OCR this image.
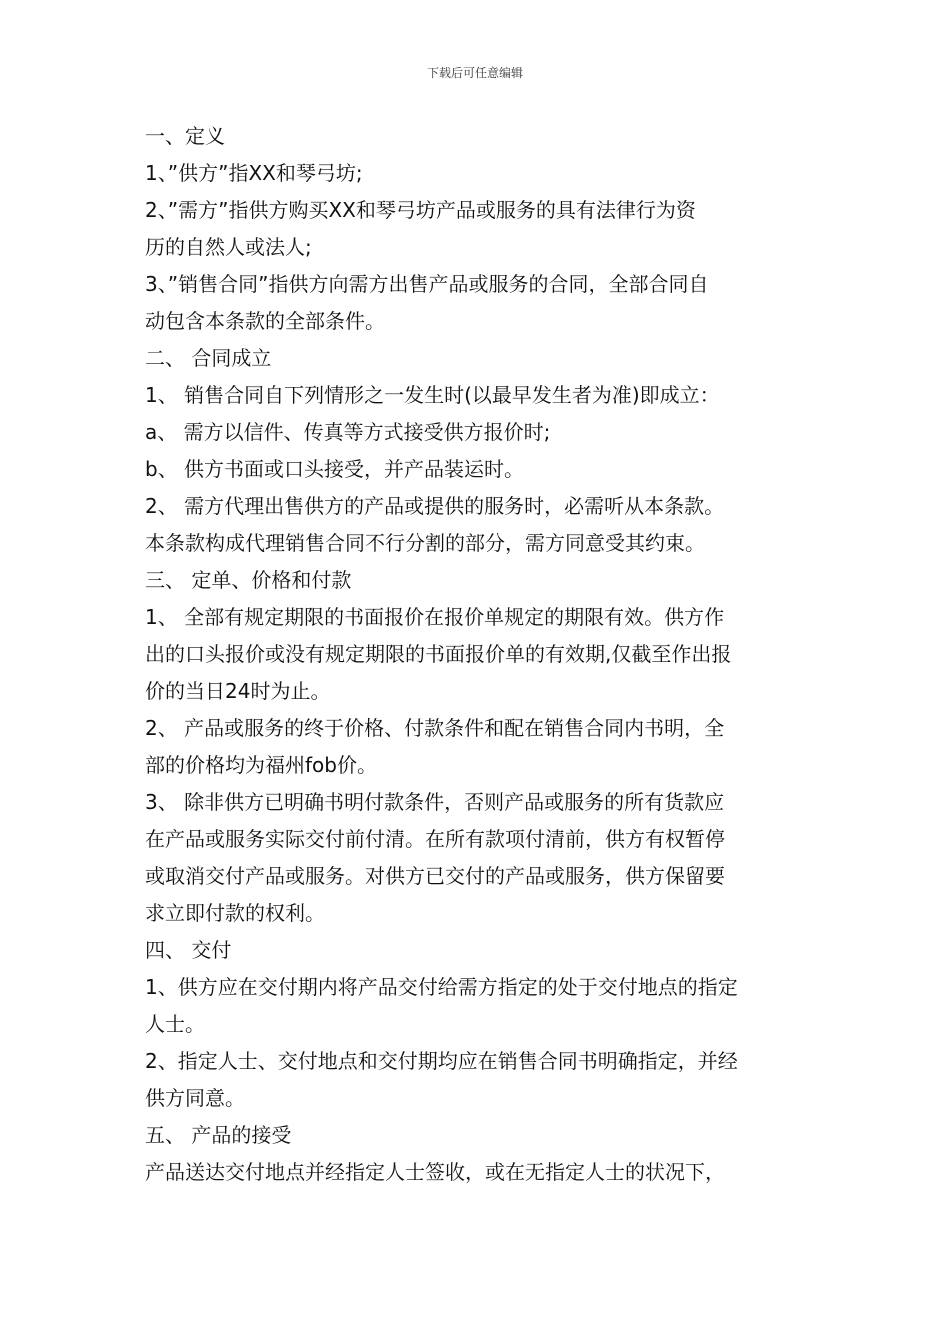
下载后可任意编辑
一、定义
1、”供方”指XX和琴弓坊;
2、”需方”指供方购买XX和琴弓坊产品或服务的具有法律行为资
历的自然人或法人;
3、”销售合同”指供方向需方出售产品或服务的合同，全部合同自
动包含本条款的全部条件。
二、 合同成立
1、 销售合同自下列情形之一发生时(以最早发生者为准)即成立：
a、 需方以信件、传真等方式接受供方报价时;
b、 供方书面或口头接受，并产品装运时。
2、 需方代理出售供方的产品或提供的服务时，必需听从本条款。
本条款构成代理销售合同不行分割的部分，需方同意受其约束。
三、 定单、价格和付款
1、 全部有规定期限的书面报价在报价单规定的期限有效。供方作
出的口头报价或没有规定期限的书面报价单的有效期,仅截至作出报
价的当日24时为止。
2、 产品或服务的终于价格、付款条件和配在销售合同内书明，全
部的价格均为福州fob价。
3、 除非供方已明确书明付款条件，否则产品或服务的所有货款应
在产品或服务实际交付前付清。在所有款项付清前，供方有权暂停
或取消交付产品或服务。对供方已交付的产品或服务，供方保留要
求立即付款的权利。
四、 交付
1、供方应在交付期内将产品交付给需方指定的处于交付地点的指定
人士。
2、指定人士、交付地点和交付期均应在销售合同书明确指定，并经
供方同意。
五、 产品的接受
产品送达交付地点并经指定人士签收，或在无指定人士的状况下，
